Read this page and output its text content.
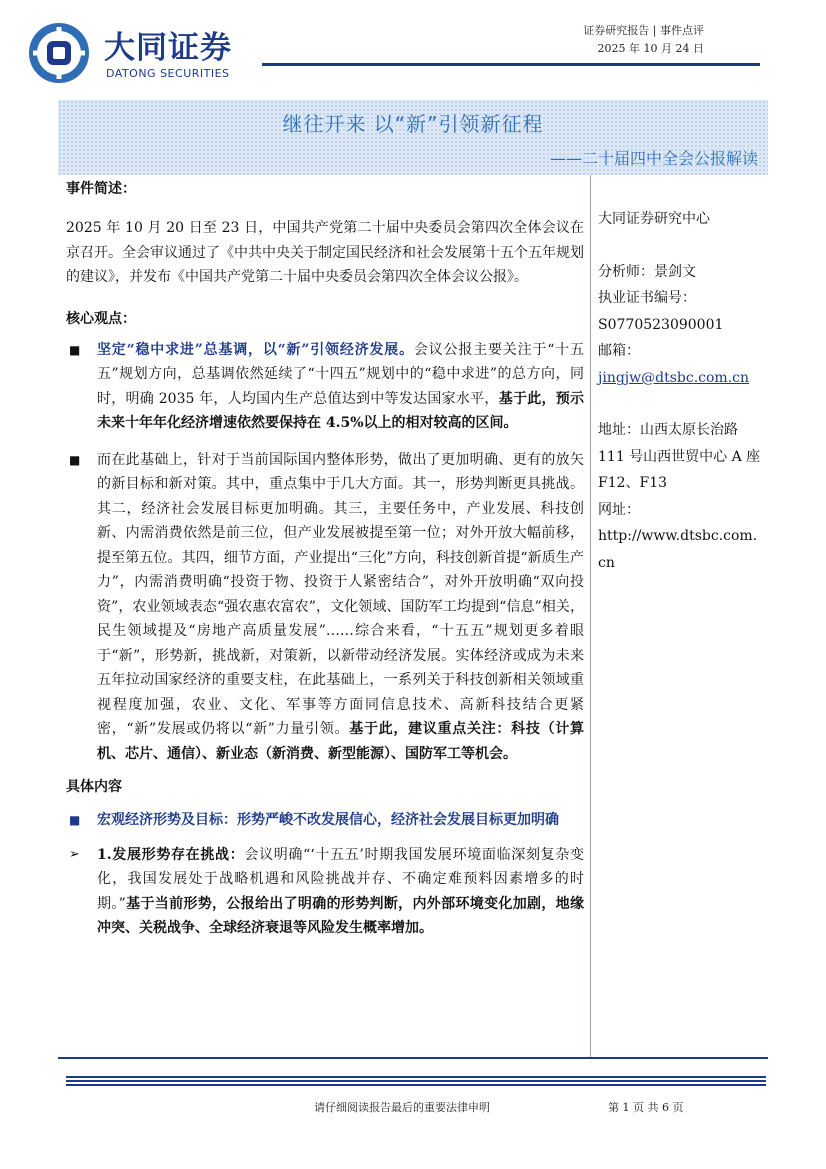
大同证券
DATONG SECURITIES
证券研究报告 | 事件点评
2025 年 10 月 24 日
继往开来 以“新”引领新征程
——二十届四中全会公报解读
事件简述：
2025 年 10 月 20 日至 23 日，中国共产党第二十届中央委员会第四次全体会议在京召开。全会审议通过了《中共中央关于制定国民经济和社会发展第十五个五年规划的建议》，并发布《中国共产党第二十届中央委员会第四次全体会议公报》。
核心观点：
■ 坚定“稳中求进”总基调，以“新”引领经济发展。会议公报主要关注于“十五五”规划方向，总基调依然延续了“十四五”规划中的“稳中求进”的总方向，同时，明确 2035 年，人均国内生产总值达到中等发达国家水平，基于此，预示未来十年年化经济增速依然要保持在 4.5%以上的相对较高的区间。
■ 而在此基础上，针对于当前国际国内整体形势，做出了更加明确、更有的放矢的新目标和新对策。其中，重点集中于几大方面。其一，形势判断更具挑战。其二，经济社会发展目标更加明确。其三，主要任务中，产业发展、科技创新、内需消费依然是前三位，但产业发展被提至第一位；对外开放大幅前移，提至第五位。其四，细节方面，产业提出“三化”方向，科技创新首提“新质生产力”，内需消费明确“投资于物、投资于人紧密结合”，对外开放明确“双向投资”，农业领域表态“强农惠农富农”，文化领域、国防军工均提到“信息”相关，民生领域提及“房地产高质量发展”……综合来看，“十五五”规划更多着眼于“新”，形势新，挑战新，对策新，以新带动经济发展。实体经济或成为未来五年拉动国家经济的重要支柱，在此基础上，一系列关于科技创新相关领域重视程度加强，农业、文化、军事等方面同信息技术、高新科技结合更紧密，“新”发展或仍将以“新”力量引领。基于此，建议重点关注：科技（计算机、芯片、通信）、新业态（新消费、新型能源）、国防军工等机会。
具体内容
■ 宏观经济形势及目标：形势严峻不改发展信心，经济社会发展目标更加明确
➢ 1.发展形势存在挑战：会议明确“‘十五五’时期我国发展环境面临深刻复杂变化，我国发展处于战略机遇和风险挑战并存、不确定难预料因素增多的时期。”基于当前形势，公报给出了明确的形势判断，内外部环境变化加剧，地缘冲突、关税战争、全球经济衰退等风险发生概率增加。
大同证券研究中心
分析师：景剑文
执业证书编号：
S0770523090001
邮箱：
jingjw@dtsbc.com.cn
地址：山西太原长治路 111 号山西世贸中心 A 座 F12、F13
网址：
http://www.dtsbc.com.cn
请仔细阅读报告最后的重要法律申明	第 1 页 共 6 页
